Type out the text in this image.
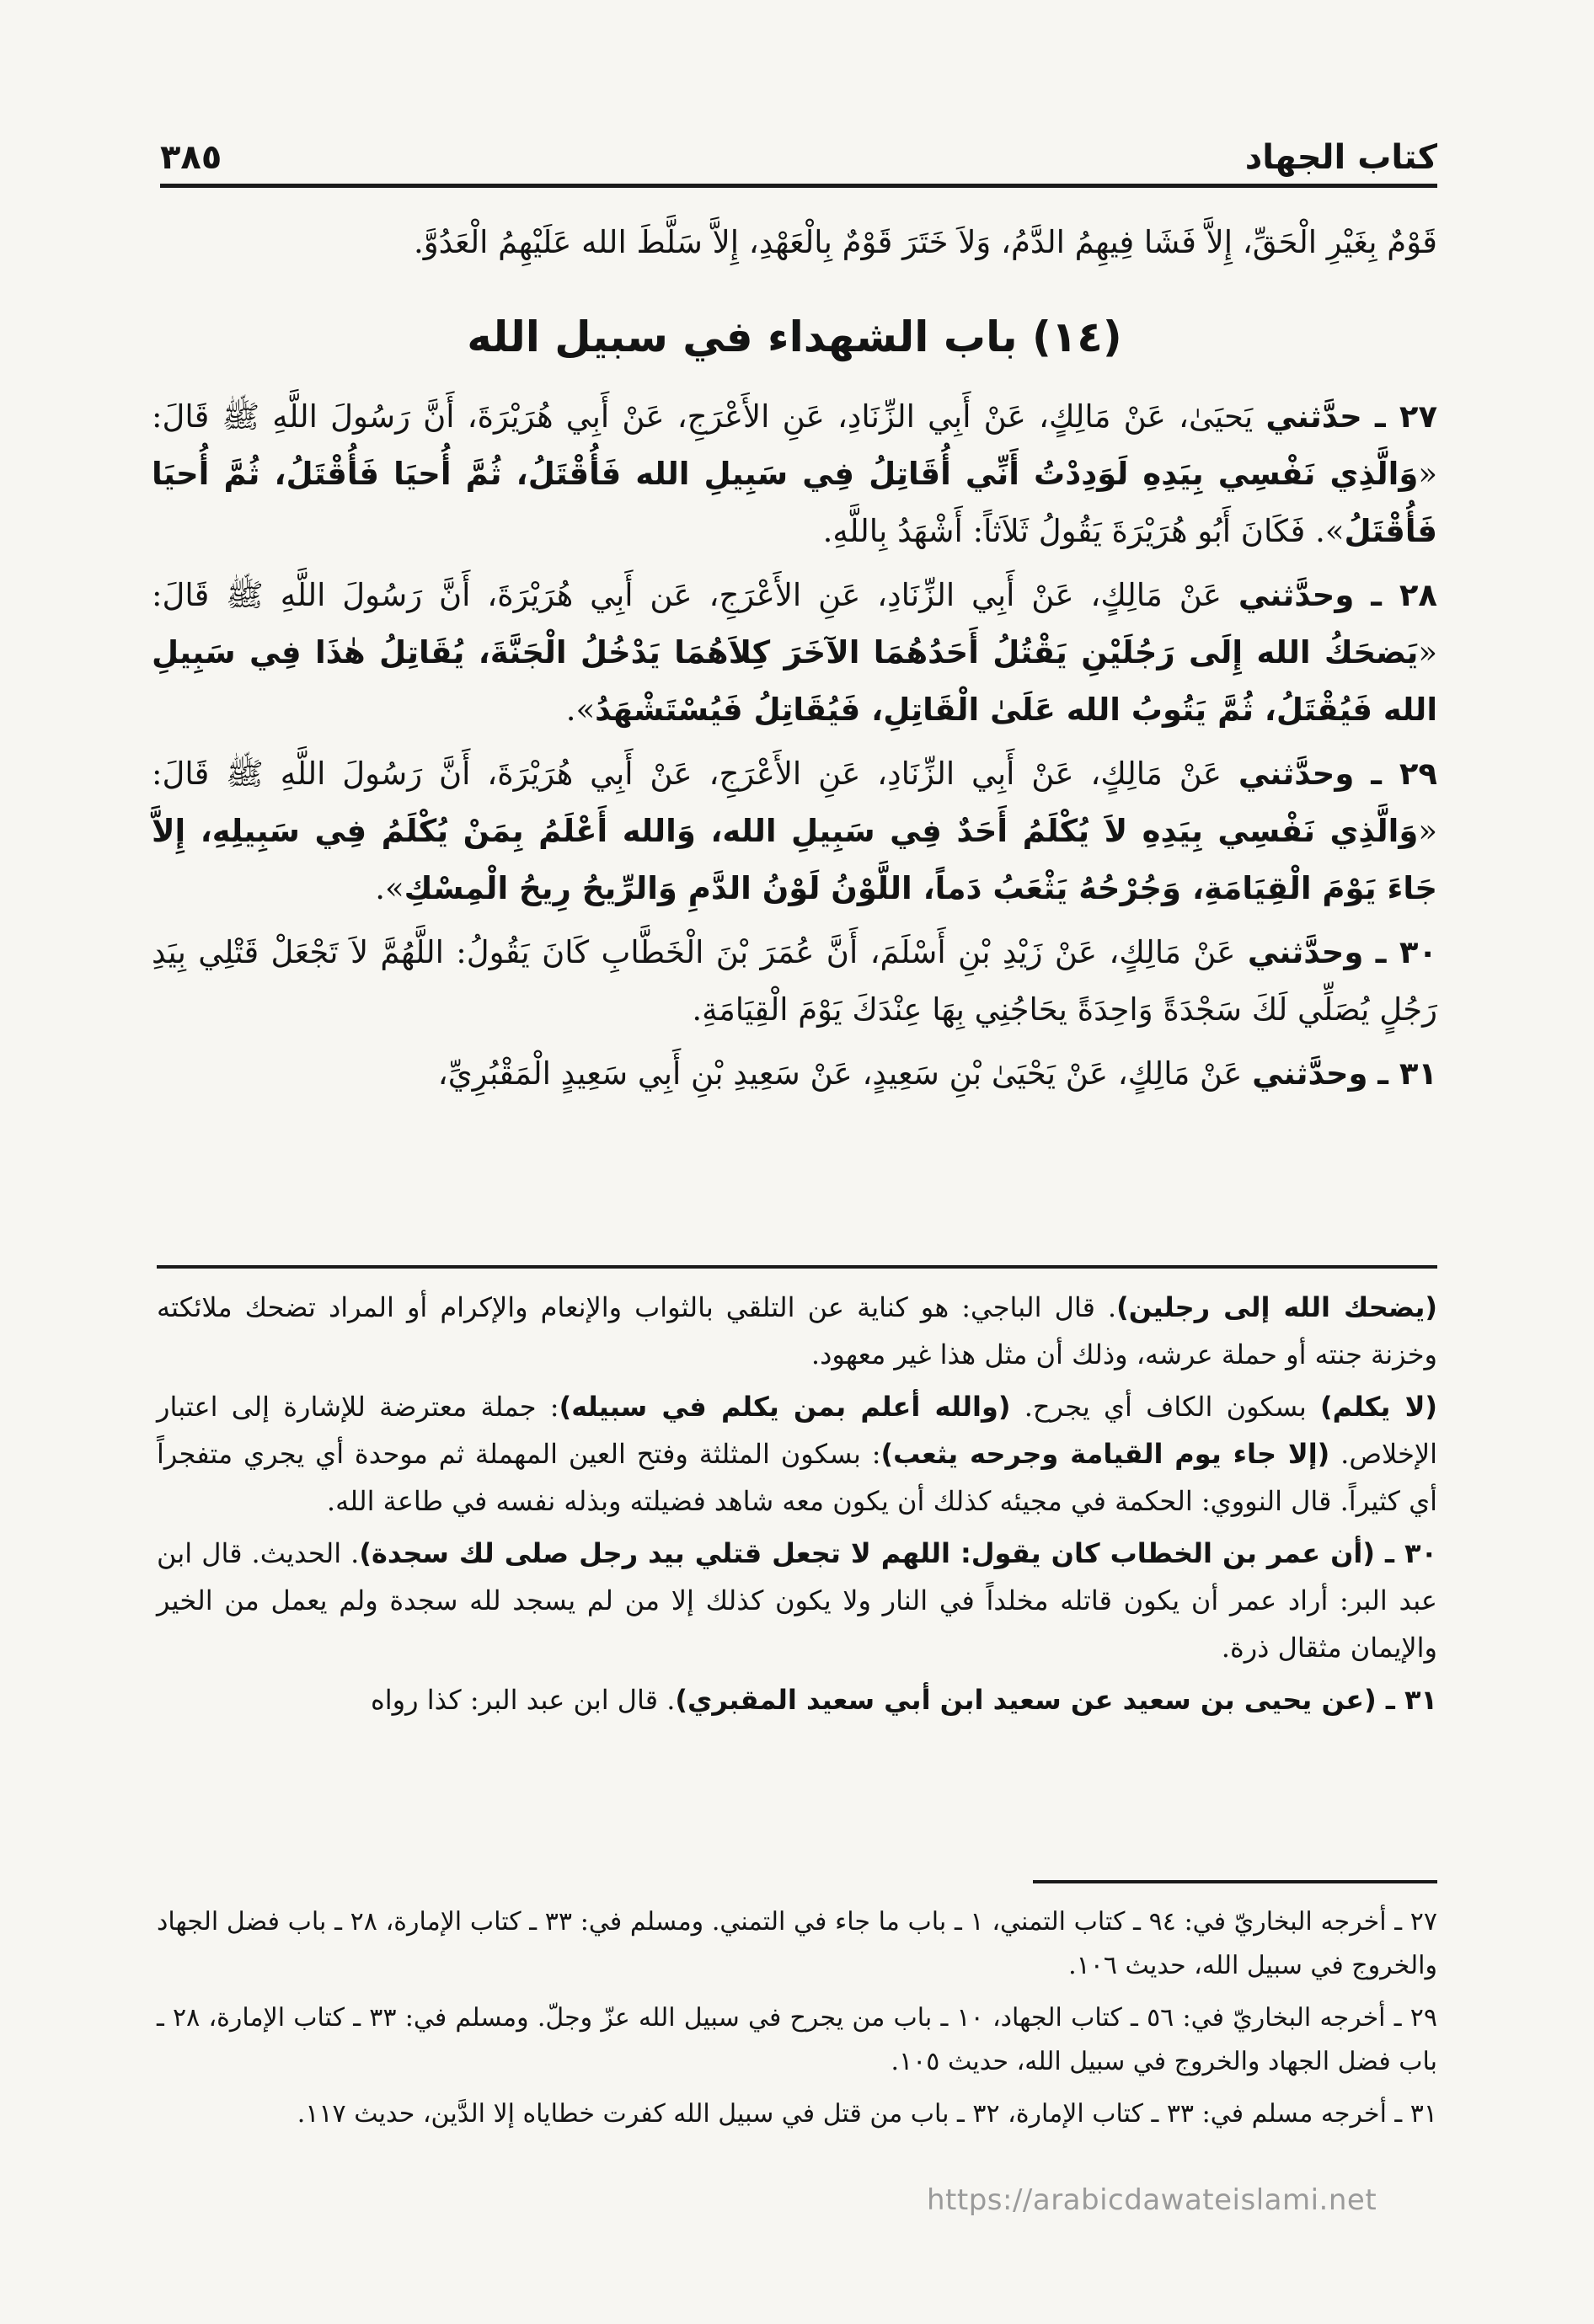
كتاب الجهاد
٣٨٥
قَوْمٌ بِغَيْرِ الْحَقِّ، إِلاَّ فَشَا فِيهِمُ الدَّمُ، وَلاَ خَتَرَ قَوْمٌ بِالْعَهْدِ، إِلاَّ سَلَّطَ الله عَلَيْهِمُ الْعَدُوَّ.
(١٤) باب الشهداء في سبيل الله
٢٧ ـ حدَّثني يَحيَىٰ، عَنْ مَالِكٍ، عَنْ أَبِي الزِّنَادِ، عَنِ الأَعْرَجِ، عَنْ أَبِي هُرَيْرَةَ، أَنَّ رَسُولَ اللَّهِ ﷺ قَالَ: «وَالَّذِي نَفْسِي بِيَدِهِ لَوَدِدْتُ أَنِّي أُقَاتِلُ فِي سَبِيلِ الله فَأُقْتَلُ، ثُمَّ أُحيَا فَأُقْتَلُ، ثُمَّ أُحيَا فَأُقْتَلُ». فَكَانَ أَبُو هُرَيْرَةَ يَقُولُ ثَلاَثاً: أَشْهَدُ بِاللَّهِ.
٢٨ ـ وحدَّثني عَنْ مَالِكٍ، عَنْ أَبِي الزِّنَادِ، عَنِ الأَعْرَجِ، عَن أَبِي هُرَيْرَةَ، أَنَّ رَسُولَ اللَّهِ ﷺ قَالَ: «يَضحَكُ الله إِلَى رَجُلَيْنِ يَقْتُلُ أَحَدُهُمَا الآخَرَ كِلاَهُمَا يَدْخُلُ الْجَنَّةَ، يُقَاتِلُ هٰذَا فِي سَبِيلِ الله فَيُقْتَلُ، ثُمَّ يَتُوبُ الله عَلَىٰ الْقَاتِلِ، فَيُقَاتِلُ فَيُسْتَشْهَدُ».
٢٩ ـ وحدَّثني عَنْ مَالِكٍ، عَنْ أَبِي الزِّنَادِ، عَنِ الأَعْرَجِ، عَنْ أَبِي هُرَيْرَةَ، أَنَّ رَسُولَ اللَّهِ ﷺ قَالَ: «وَالَّذِي نَفْسِي بِيَدِهِ لاَ يُكْلَمُ أَحَدٌ فِي سَبِيلِ الله، وَالله أَعْلَمُ بِمَنْ يُكْلَمُ فِي سَبِيلِهِ، إِلاَّ جَاءَ يَوْمَ الْقِيَامَةِ، وَجُرْحُهُ يَثْعَبُ دَماً، اللَّوْنُ لَوْنُ الدَّمِ وَالرِّيحُ رِيحُ الْمِسْكِ».
٣٠ ـ وحدَّثني عَنْ مَالِكٍ، عَنْ زَيْدِ بْنِ أَسْلَمَ، أَنَّ عُمَرَ بْنَ الْخَطَّابِ كَانَ يَقُولُ: اللَّهُمَّ لاَ تَجْعَلْ قَتْلِي بِيَدِ رَجُلٍ يُصَلِّي لَكَ سَجْدَةً وَاحِدَةً يحَاجُنِي بِهَا عِنْدَكَ يَوْمَ الْقِيَامَةِ.
٣١ ـ وحدَّثني عَنْ مَالِكٍ، عَنْ يَحْيَىٰ بْنِ سَعِيدٍ، عَنْ سَعِيدِ بْنِ أَبِي سَعِيدٍ الْمَقْبُرِيِّ،
(يضحك الله إلى رجلين). قال الباجي: هو كناية عن التلقي بالثواب والإنعام والإكرام أو المراد تضحك ملائكته وخزنة جنته أو حملة عرشه، وذلك أن مثل هذا غير معهود.
(لا يكلم) بسكون الكاف أي يجرح. (والله أعلم بمن يكلم في سبيله): جملة معترضة للإشارة إلى اعتبار الإخلاص. (إلا جاء يوم القيامة وجرحه يثعب): بسكون المثلثة وفتح العين المهملة ثم موحدة أي يجري متفجراً أي كثيراً. قال النووي: الحكمة في مجيئه كذلك أن يكون معه شاهد فضيلته وبذله نفسه في طاعة الله.
٣٠ ـ (أن عمر بن الخطاب كان يقول: اللهم لا تجعل قتلي بيد رجل صلى لك سجدة). الحديث. قال ابن عبد البر: أراد عمر أن يكون قاتله مخلداً في النار ولا يكون كذلك إلا من لم يسجد لله سجدة ولم يعمل من الخير والإيمان مثقال ذرة.
٣١ ـ (عن يحيى بن سعيد عن سعيد ابن أبي سعيد المقبري). قال ابن عبد البر: كذا رواه
٢٧ ـ أخرجه البخاريّ في: ٩٤ ـ كتاب التمني، ١ ـ باب ما جاء في التمني. ومسلم في: ٣٣ ـ كتاب الإمارة، ٢٨ ـ باب فضل الجهاد والخروج في سبيل الله، حديث ١٠٦.
٢٩ ـ أخرجه البخاريّ في: ٥٦ ـ كتاب الجهاد، ١٠ ـ باب من يجرح في سبيل الله عزّ وجلّ. ومسلم في: ٣٣ ـ كتاب الإمارة، ٢٨ ـ باب فضل الجهاد والخروج في سبيل الله، حديث ١٠٥.
٣١ ـ أخرجه مسلم في: ٣٣ ـ كتاب الإمارة، ٣٢ ـ باب من قتل في سبيل الله كفرت خطاياه إلا الدَّين، حديث ١١٧.
https://arabicdawateislami.net
